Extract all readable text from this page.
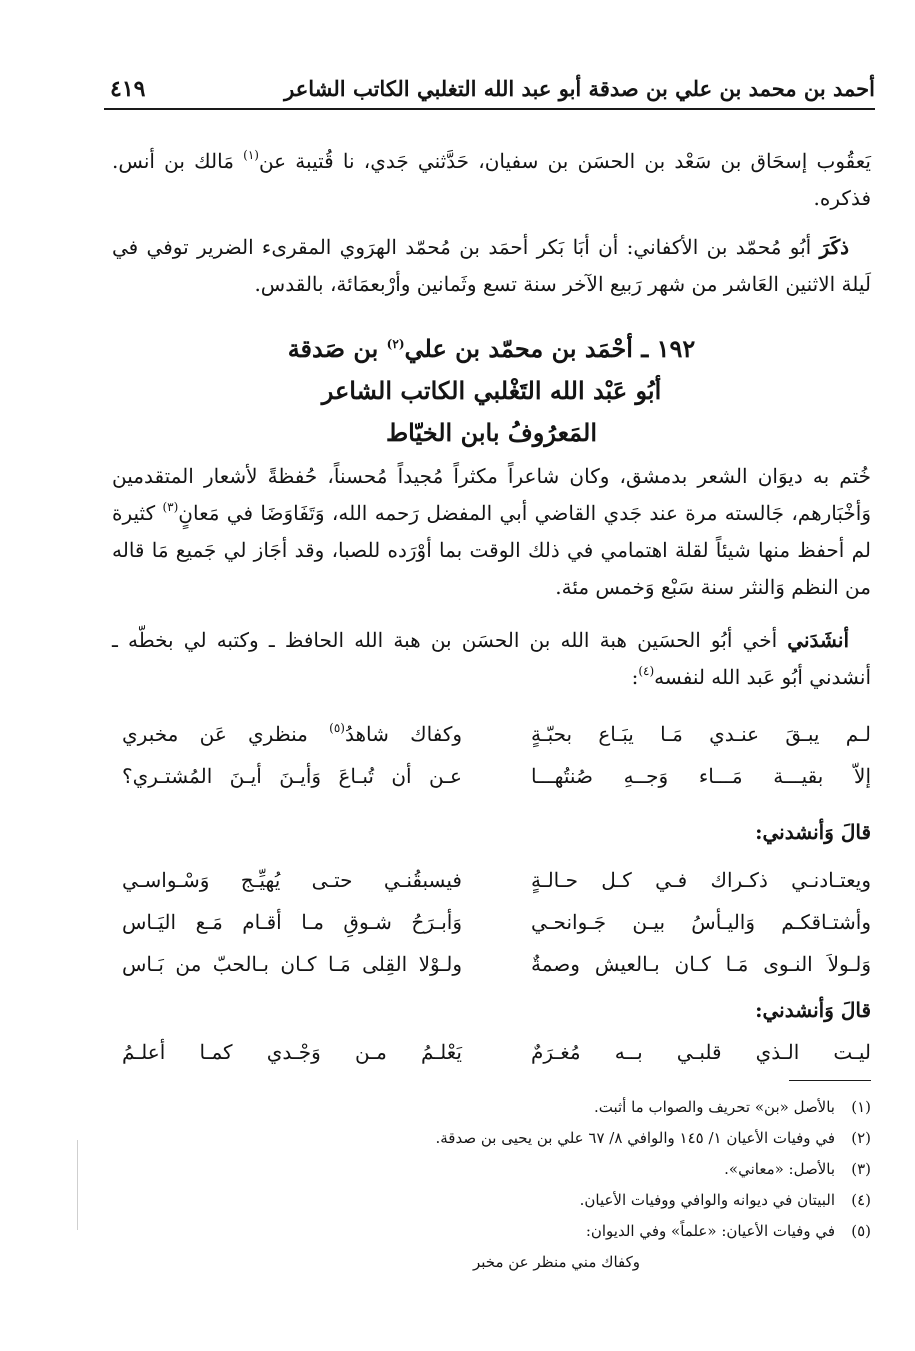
أحمد بن محمد بن علي بن صدقة أبو عبد الله التغلبي الكاتب الشاعر
٤١٩

يَعقُوب إسحَاق بن سَعْد بن الحسَن بن سفيان، حَدَّثني جَدي، نا قُتيبة عن$^{(١)}$ مَالك بن أنس. فذكره.

ذكَرَ أبُو مُحمّد بن الأكفاني: أن أبَا بَكر أحمَد بن مُحمّد الهرَوي المقرىء الضرير توفي في لَيلة الاثنين العَاشر من شهر رَبيع الآخر سنة تسع وثَمانين وأرْبعمَائة، بالقدس.

١٩٢ ـ أحْمَد بن محمّد بن علي$^{(٢)}$ بن صَدقة
أبُو عَبْد الله التَغْلبي الكاتب الشاعر
المَعرُوفُ بابن الخيّاط

خُتم به ديوَان الشعر بدمشق، وكان شاعراً مكثراً مُجيداً مُحسناً، حُفظةً لأشعار المتقدمين وَأخْبَارهم، جَالسته مرة عند جَدي القاضي أبي المفضل رَحمه الله، وَتَفَاوَضَا في مَعانٍ$^{(٣)}$ كثيرة لم أحفظ منها شيئاً لقلة اهتمامي في ذلك الوقت بما أوْرَده للصبا، وقد أجَاز لي جَميع مَا قاله من النظم وَالنثر سنة سَبْع وَخمس مئة.

أنشَدَني أخي أبُو الحسَين هبة الله بن الحسَن بن هبة الله الحافظ ـ وكتبه لي بخطّه ـ أنشدني أبُو عَبد الله لنفسه$^{(٤)}$:

لـم يبـقَ عنـدي مَـا يبَـاع بحبّـةٍ
وكفاك شاهدُ$^{(٥)}$ منظري عَن مخبري
إلاّ بقيـــة مَـــاء وَجــهِ صُنتُهـــا
عـن أن تُبـاعَ وَأيـنَ أيـنَ المُشتـري؟
قالَ وَأنشدني:
ويعتـادنـي ذكـراك فـي كـل حـالـةٍ
فيسبقُنـي حتـى يُهيِّـج وَسْـواسـي
وأشتـاقكـم وَاليـأسُ بيـن جَـوانحـي
وَأبـرَحُ شـوقِ مـا أقـام مَـع اليَـاس
وَلـولاَ النـوى مَـا كـان بـالعيش وصمةٌ
ولـوْلا القِلى مَـا كـان بـالحبّ من بَـاس
قالَ وَأنشدني:
ليـت الـذي قلبـي بــه مُغـرَمٌ
يَعْلـمُ مـن وَجْـدي كمـا أعلـمُ
(١)بالأصل «بن» تحريف والصواب ما أثبت.
(٢)في وفيات الأعيان ١/ ١٤٥ والوافي ٨/ ٦٧ علي بن يحيى بن صدقة.
(٣)بالأصل: «معاني».
(٤)البيتان في ديوانه والوافي ووفيات الأعيان.
(٥)في وفيات الأعيان: «علماً» وفي الديوان:
وكفاك مني منظر عن مخبر
